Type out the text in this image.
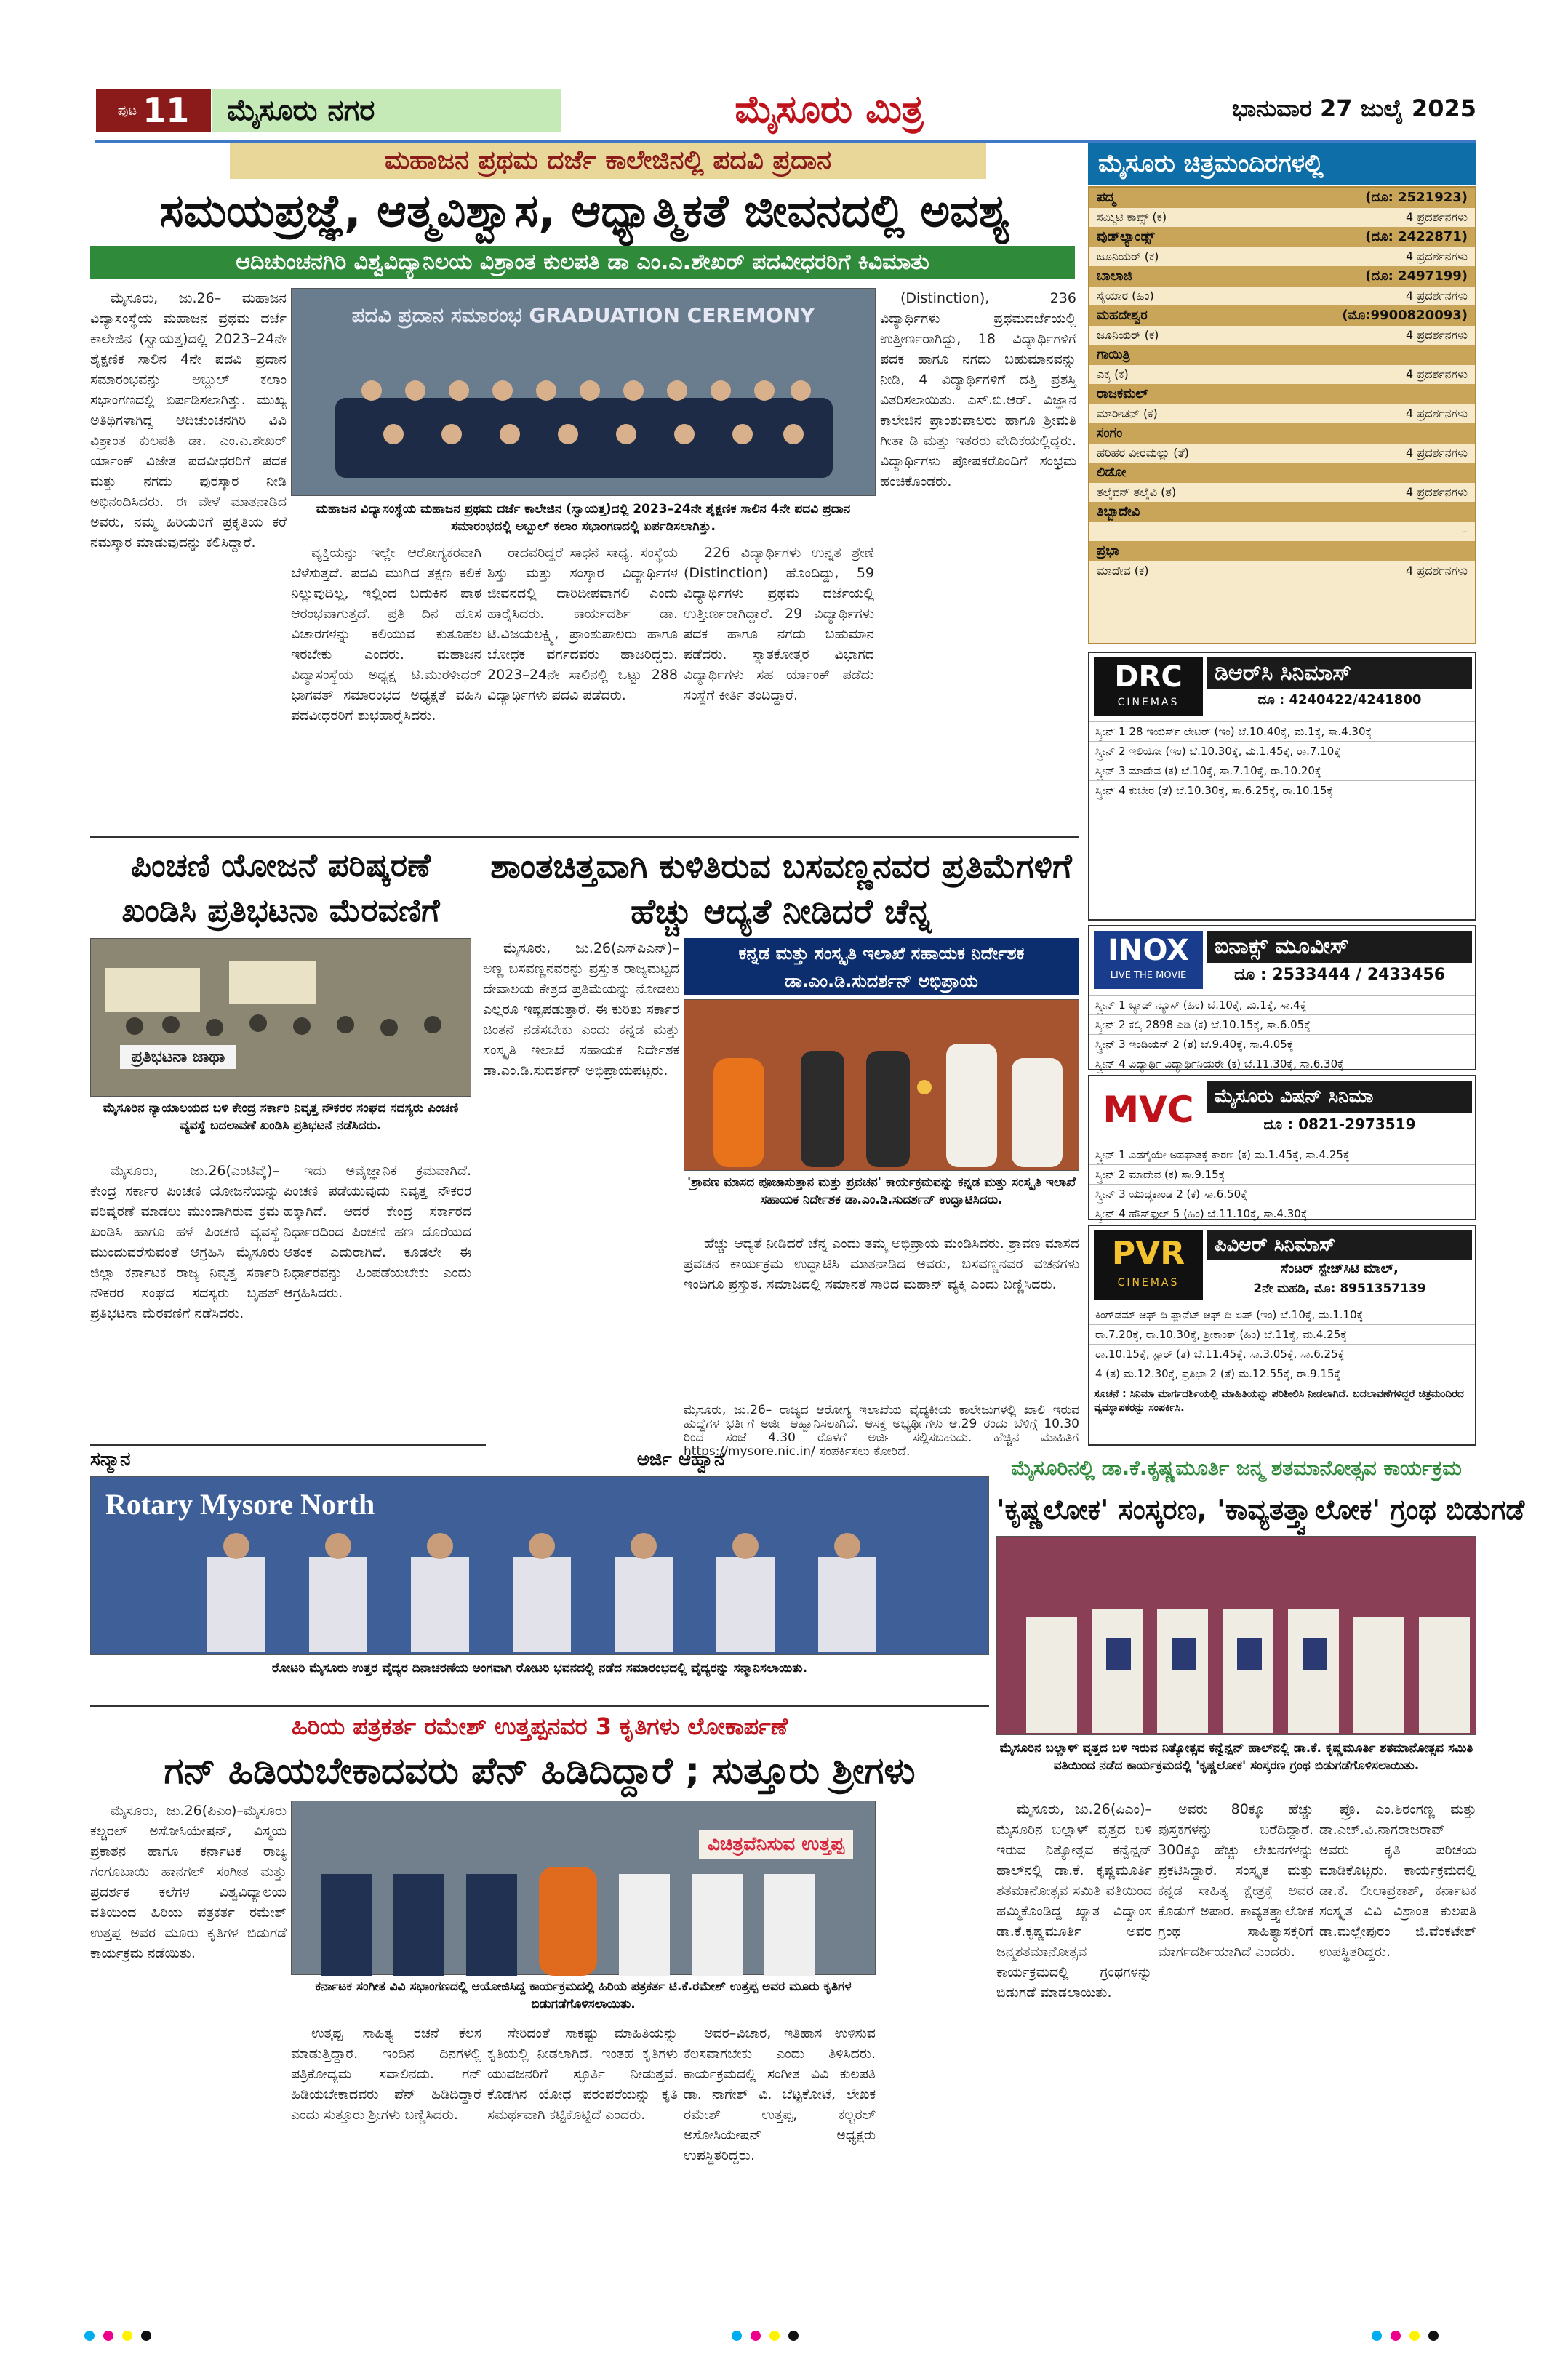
ಪುಟ 11 ಮೈಸೂರು ನಗರ	ಮೈಸೂರು ಮಿತ್ರ	ಭಾನುವಾರ 27 ಜುಲೈ 2025
ಮಹಾಜನ ಪ್ರಥಮ ದರ್ಜೆ ಕಾಲೇಜಿನಲ್ಲಿ ಪದವಿ ಪ್ರದಾನ
ಸಮಯಪ್ರಜ್ಞೆ, ಆತ್ಮವಿಶ್ವಾಸ, ಆಧ್ಯಾತ್ಮಿಕತೆ ಜೀವನದಲ್ಲಿ ಅವಶ್ಯ
ಆದಿಚುಂಚನಗಿರಿ ವಿಶ್ವವಿದ್ಯಾನಿಲಯ ವಿಶ್ರಾಂತ ಕುಲಪತಿ ಡಾ ಎಂ.ಎ.ಶೇಖರ್ ಪದವೀಧರರಿಗೆ ಕಿವಿಮಾತು

ಮೈಸೂರು, ಜು.26– ಮಹಾಜನ ವಿದ್ಯಾಸಂಸ್ಥೆಯ ಮಹಾಜನ ಪ್ರಥಮ ದರ್ಜೆ ಕಾಲೇಜಿನ (ಸ್ವಾಯತ್ತ)ದಲ್ಲಿ 2023–24ನೇ ಶೈಕ್ಷಣಿಕ ಸಾಲಿನ 4ನೇ ಪದವಿ ಪ್ರದಾನ ಸಮಾರಂಭವನ್ನು ಅಬ್ದುಲ್ ಕಲಾಂ ಸಭಾಂಗಣದಲ್ಲಿ ಏರ್ಪಡಿಸಲಾಗಿತ್ತು. ಮುಖ್ಯ ಅತಿಥಿಗಳಾಗಿದ್ದ ಆದಿಚುಂಚನಗಿರಿ ವಿವಿ ವಿಶ್ರಾಂತ ಕುಲಪತಿ ಡಾ. ಎಂ.ಎ.ಶೇಖರ್ ರ್ಯಾಂಕ್ ವಿಜೇತ ಪದವೀಧರರಿಗೆ ಪದಕ ಮತ್ತು ನಗದು ಪುರಸ್ಕಾರ ನೀಡಿ ಅಭಿನಂದಿಸಿದರು. ಈ ವೇಳೆ ಮಾತನಾಡಿದ ಅವರು, ನಮ್ಮ ಹಿರಿಯರಿಗೆ ಪ್ರಕೃತಿಯ ಕರೆ ನಮಸ್ಕಾರ ಮಾಡುವುದನ್ನು ಕಲಿಸಿದ್ದಾರೆ.

ಪದವಿ ಪ್ರದಾನ ಸಮಾರಂಭ GRADUATION CEREMONY
ಮಹಾಜನ ವಿದ್ಯಾಸಂಸ್ಥೆಯ ಮಹಾಜನ ಪ್ರಥಮ ದರ್ಜೆ ಕಾಲೇಜಿನ (ಸ್ವಾಯತ್ತ)ದಲ್ಲಿ 2023–24ನೇ ಶೈಕ್ಷಣಿಕ ಸಾಲಿನ 4ನೇ ಪದವಿ ಪ್ರದಾನ ಸಮಾರಂಭದಲ್ಲಿ ಅಬ್ಬುಲ್ ಕಲಾಂ ಸಭಾಂಗಣದಲ್ಲಿ ಏರ್ಪಡಿಸಲಾಗಿತ್ತು.

ವ್ಯಕ್ತಿಯನ್ನು ಇಲ್ಲೇ ಆರೋಗ್ಯಕರವಾಗಿ ಬೆಳೆಸುತ್ತದೆ. ಪದವಿ ಮುಗಿದ ತಕ್ಷಣ ಕಲಿಕೆ ನಿಲ್ಲುವುದಿಲ್ಲ, ಇಲ್ಲಿಂದ ಬದುಕಿನ ಪಾಠ ಆರಂಭವಾಗುತ್ತದೆ. ಪ್ರತಿ ದಿನ ಹೊಸ ವಿಚಾರಗಳನ್ನು ಕಲಿಯುವ ಕುತೂಹಲ ಇರಬೇಕು ಎಂದರು. ಮಹಾಜನ ವಿದ್ಯಾಸಂಸ್ಥೆಯ ಅಧ್ಯಕ್ಷ ಟಿ.ಮುರಳೀಧರ್ ಭಾಗವತ್ ಸಮಾರಂಭದ ಅಧ್ಯಕ್ಷತೆ ವಹಿಸಿ ಪದವೀಧರರಿಗೆ ಶುಭಹಾರೈಸಿದರು.

ರಾದವರಿದ್ದರೆ ಸಾಧನೆ ಸಾಧ್ಯ. ಸಂಸ್ಥೆಯ ಶಿಸ್ತು ಮತ್ತು ಸಂಸ್ಕಾರ ವಿದ್ಯಾರ್ಥಿಗಳ ಜೀವನದಲ್ಲಿ ದಾರಿದೀಪವಾಗಲಿ ಎಂದು ಹಾರೈಸಿದರು. ಕಾರ್ಯದರ್ಶಿ ಡಾ. ಟಿ.ವಿಜಯಲಕ್ಷ್ಮಿ, ಪ್ರಾಂಶುಪಾಲರು ಹಾಗೂ ಬೋಧಕ ವರ್ಗದವರು ಹಾಜರಿದ್ದರು. 2023–24ನೇ ಸಾಲಿನಲ್ಲಿ ಒಟ್ಟು 288 ವಿದ್ಯಾರ್ಥಿಗಳು ಪದವಿ ಪಡೆದರು.

226 ವಿದ್ಯಾರ್ಥಿಗಳು ಉನ್ನತ ಶ್ರೇಣಿ (Distinction) ಹೊಂದಿದ್ದು, 59 ವಿದ್ಯಾರ್ಥಿಗಳು ಪ್ರಥಮ ದರ್ಜೆಯಲ್ಲಿ ಉತ್ತೀರ್ಣರಾಗಿದ್ದಾರೆ. 29 ವಿದ್ಯಾರ್ಥಿಗಳು ಪದಕ ಹಾಗೂ ನಗದು ಬಹುಮಾನ ಪಡೆದರು. ಸ್ನಾತಕೋತ್ತರ ವಿಭಾಗದ ವಿದ್ಯಾರ್ಥಿಗಳು ಸಹ ರ್ಯಾಂಕ್ ಪಡೆದು ಸಂಸ್ಥೆಗೆ ಕೀರ್ತಿ ತಂದಿದ್ದಾರೆ.

(Distinction), 236 ವಿದ್ಯಾರ್ಥಿಗಳು ಪ್ರಥಮದರ್ಜೆಯಲ್ಲಿ ಉತ್ತೀರ್ಣರಾಗಿದ್ದು, 18 ವಿದ್ಯಾರ್ಥಿಗಳಿಗೆ ಪದಕ ಹಾಗೂ ನಗದು ಬಹುಮಾನವನ್ನು ನೀಡಿ, 4 ವಿದ್ಯಾರ್ಥಿಗಳಿಗೆ ದತ್ತಿ ಪ್ರಶಸ್ತಿ ವಿತರಿಸಲಾಯಿತು. ಎಸ್.ಬಿ.ಆರ್. ವಿಜ್ಞಾನ ಕಾಲೇಜಿನ ಪ್ರಾಂಶುಪಾಲರು ಹಾಗೂ ಶ್ರೀಮತಿ ಗೀತಾ ಡಿ ಮತ್ತು ಇತರರು ವೇದಿಕೆಯಲ್ಲಿದ್ದರು. ವಿದ್ಯಾರ್ಥಿಗಳು ಪೋಷಕರೊಂದಿಗೆ ಸಂಭ್ರಮ ಹಂಚಿಕೊಂಡರು.

ಮೈಸೂರು ಚಿತ್ರಮಂದಿರಗಳಲ್ಲಿ
ಪದ್ಮ	(ದೂ: 2521923)
ಸಮ್ಮಿಟಿ ಕಾಪ್ಸ್ (ಕ)	4 ಪ್ರದರ್ಶನಗಳು
ವುಡ್‌ಲ್ಯಾಂಡ್ಸ್	(ದೂ: 2422871)
ಜೂನಿಯರ್ (ಕ)	4 ಪ್ರದರ್ಶನಗಳು
ಬಾಲಾಜಿ	(ದೂ: 2497199)
ಸೈಯಾರ (ಹಿಂ)	4 ಪ್ರದರ್ಶನಗಳು
ಮಹದೇಶ್ವರ	(ಮೊ:9900820093)
ಜೂನಿಯರ್ (ಕ)	4 ಪ್ರದರ್ಶನಗಳು
ಗಾಯಿತ್ರಿ
ಎಕ್ಕ (ಕ)	4 ಪ್ರದರ್ಶನಗಳು
ರಾಜಕಮಲ್
ಮಾರೀಚನ್ (ಕ)	4 ಪ್ರದರ್ಶನಗಳು
ಸಂಗಂ
ಹರಿಹರ ವೀರಮಲ್ಲು (ತೆ)	4 ಪ್ರದರ್ಶನಗಳು
ಲಿಡೋ
ತಲೈವನ್ ತಲೈವಿ (ತ)	4 ಪ್ರದರ್ಶನಗಳು
ತಿಬ್ಬಾದೇವಿ
–
ಪ್ರಭಾ
ಮಾದೇವ (ಕ)	4 ಪ್ರದರ್ಶನಗಳು
DRC
CINEMAS
ಡಿಆರ್‌ಸಿ ಸಿನಿಮಾಸ್
ದೂ : 4240422/4241800
ಸ್ಕ್ರೀನ್ 1 28 ಇಯರ್ಸ್ ಲೇಟರ್ (ಇಂ) ಬೆ.10.40ಕ್ಕೆ, ಮ.1ಕ್ಕೆ, ಸಾ.4.30ಕ್ಕೆ
ಸ್ಕ್ರೀನ್ 2 ಇಲಿಯೋ (ಇಂ) ಬೆ.10.30ಕ್ಕೆ, ಮ.1.45ಕ್ಕೆ, ರಾ.7.10ಕ್ಕೆ
ಸ್ಕ್ರೀನ್ 3 ಮಾದೇವ (ಕ) ಬೆ.10ಕ್ಕೆ, ಸಾ.7.10ಕ್ಕೆ, ರಾ.10.20ಕ್ಕೆ
ಸ್ಕ್ರೀನ್ 4 ಕುಬೇರ (ತೆ) ಬೆ.10.30ಕ್ಕೆ, ಸಾ.6.25ಕ್ಕೆ, ರಾ.10.15ಕ್ಕೆ
INOX
LIVE THE MOVIE
ಐನಾಕ್ಸ್ ಮೂವೀಸ್
ದೂ : 2533444 / 2433456
ಸ್ಕ್ರೀನ್ 1 ಬ್ಯಾಡ್ ನ್ಯೂಸ್ (ಹಿಂ) ಬೆ.10ಕ್ಕೆ, ಮ.1ಕ್ಕೆ, ಸಾ.4ಕ್ಕೆ
ಸ್ಕ್ರೀನ್ 2 ಕಲ್ಕಿ 2898 ಎಡಿ (ಕ) ಬೆ.10.15ಕ್ಕೆ, ಸಾ.6.05ಕ್ಕೆ
ಸ್ಕ್ರೀನ್ 3 ಇಂಡಿಯನ್ 2 (ತ) ಬೆ.9.40ಕ್ಕೆ, ಸಾ.4.05ಕ್ಕೆ
ಸ್ಕ್ರೀನ್ 4 ವಿದ್ಯಾರ್ಥಿ ವಿದ್ಯಾರ್ಥಿನಿಯರೇ (ಕ) ಬೆ.11.30ಕ್ಕೆ, ಸಾ.6.30ಕ್ಕೆ
MVC	ಮೈಸೂರು ವಿಷನ್ ಸಿನಿಮಾ
ದೂ : 0821-2973519
ಸ್ಕ್ರೀನ್ 1 ಎಡಗೈಯೇ ಅಪಘಾತಕ್ಕೆ ಕಾರಣ (ಕ) ಮ.1.45ಕ್ಕೆ, ಸಾ.4.25ಕ್ಕೆ
ಸ್ಕ್ರೀನ್ 2 ಮಾದೇವ (ಕ) ಸಾ.9.15ಕ್ಕೆ
ಸ್ಕ್ರೀನ್ 3 ಯುದ್ಧಕಾಂಡ 2 (ಕ) ಸಾ.6.50ಕ್ಕೆ
ಸ್ಕ್ರೀನ್ 4 ಹೌಸ್‌ಫುಲ್ 5 (ಹಿಂ) ಬೆ.11.10ಕ್ಕೆ, ಸಾ.4.30ಕ್ಕೆ
PVR
CINEMAS
ಪಿವಿಆರ್ ಸಿನಿಮಾಸ್
ಸೆಂಟರ್ ಸ್ಟೇಜ್‌ಸಿಟಿ ಮಾಲ್,
2ನೇ ಮಹಡಿ, ಮೊ: 8951357139
ಕಿಂಗ್‌ಡಮ್ ಆಫ್ ದಿ ಪ್ಲಾನೆಟ್ ಆಫ್ ದಿ ಏಪ್ (ಇಂ) ಬೆ.10ಕ್ಕೆ, ಮ.1.10ಕ್ಕೆ
ರಾ.7.20ಕ್ಕೆ, ರಾ.10.30ಕ್ಕೆ, ಶ್ರೀಕಾಂತ್ (ಹಿಂ) ಬೆ.11ಕ್ಕೆ, ಮ.4.25ಕ್ಕೆ
ರಾ.10.15ಕ್ಕೆ, ಸ್ಟಾರ್ (ತ) ಬೆ.11.45ಕ್ಕೆ, ಸಾ.3.05ಕ್ಕೆ, ಸಾ.6.25ಕ್ಕೆ
4 (ತ) ಮ.12.30ಕ್ಕೆ, ಪ್ರತಿಭಾ 2 (ತೆ) ಮ.12.55ಕ್ಕೆ, ರಾ.9.15ಕ್ಕೆ
ಸೂಚನೆ : ಸಿನಿಮಾ ಮಾರ್ಗದರ್ಶಿಯಲ್ಲಿ ಮಾಹಿತಿಯನ್ನು ಪರಿಶೀಲಿಸಿ ನೀಡಲಾಗಿದೆ. ಬದಲಾವಣೆಗಳಿದ್ದರೆ ಚಿತ್ರಮಂದಿರದ ವ್ಯವಸ್ಥಾಪಕರನ್ನು ಸಂಪರ್ಕಿಸಿ.
ಪಿಂಚಣಿ ಯೋಜನೆ ಪರಿಷ್ಕರಣೆ ಖಂಡಿಸಿ ಪ್ರತಿಭಟನಾ ಮೆರವಣಿಗೆ
ಪ್ರತಿಭಟನಾ ಜಾಥಾ
ಮೈಸೂರಿನ ನ್ಯಾಯಾಲಯದ ಬಳಿ ಕೇಂದ್ರ ಸರ್ಕಾರಿ ನಿವೃತ್ತ ನೌಕರರ ಸಂಘದ ಸದಸ್ಯರು ಪಿಂಚಣಿ ವ್ಯವಸ್ಥೆ ಬದಲಾವಣೆ ಖಂಡಿಸಿ ಪ್ರತಿಭಟನೆ ನಡೆಸಿದರು.

ಮೈಸೂರು, ಜು.26(ಎಂಟಿವೈ)– ಕೇಂದ್ರ ಸರ್ಕಾರ ಪಿಂಚಣಿ ಯೋಜನೆಯನ್ನು ಪರಿಷ್ಕರಣೆ ಮಾಡಲು ಮುಂದಾಗಿರುವ ಕ್ರಮ ಖಂಡಿಸಿ ಹಾಗೂ ಹಳೆ ಪಿಂಚಣಿ ವ್ಯವಸ್ಥೆ ಮುಂದುವರೆಸುವಂತೆ ಆಗ್ರಹಿಸಿ ಮೈಸೂರು ಜಿಲ್ಲಾ ಕರ್ನಾಟಕ ರಾಜ್ಯ ನಿವೃತ್ತ ಸರ್ಕಾರಿ ನೌಕರರ ಸಂಘದ ಸದಸ್ಯರು ಬೃಹತ್ ಪ್ರತಿಭಟನಾ ಮೆರವಣಿಗೆ ನಡೆಸಿದರು.

ಇದು ಅವೈಜ್ಞಾನಿಕ ಕ್ರಮವಾಗಿದೆ. ಪಿಂಚಣಿ ಪಡೆಯುವುದು ನಿವೃತ್ತ ನೌಕರರ ಹಕ್ಕಾಗಿದೆ. ಆದರೆ ಕೇಂದ್ರ ಸರ್ಕಾರದ ನಿರ್ಧಾರದಿಂದ ಪಿಂಚಣಿ ಹಣ ದೊರೆಯದ ಆತಂಕ ಎದುರಾಗಿದೆ. ಕೂಡಲೇ ಈ ನಿರ್ಧಾರವನ್ನು ಹಿಂಪಡೆಯಬೇಕು ಎಂದು ಆಗ್ರಹಿಸಿದರು.

ಶಾಂತಚಿತ್ತವಾಗಿ ಕುಳಿತಿರುವ ಬಸವಣ್ಣನವರ ಪ್ರತಿಮೆಗಳಿಗೆ ಹೆಚ್ಚು ಆದ್ಯತೆ ನೀಡಿದರೆ ಚೆನ್ನ

ಮೈಸೂರು, ಜು.26(ಎಸ್‌ಪಿಎನ್)– ಅಣ್ಣ ಬಸವಣ್ಣನವರನ್ನು ಪ್ರಸ್ತುತ ರಾಜ್ಯಮಟ್ಟದ ದೇವಾಲಯ ಕೇತ್ರದ ಪ್ರತಿಮೆಯನ್ನು ನೋಡಲು ಎಲ್ಲರೂ ಇಷ್ಟಪಡುತ್ತಾರೆ. ಈ ಕುರಿತು ಸರ್ಕಾರ ಚಿಂತನೆ ನಡೆಸಬೇಕು ಎಂದು ಕನ್ನಡ ಮತ್ತು ಸಂಸ್ಕೃತಿ ಇಲಾಖೆ ಸಹಾಯಕ ನಿರ್ದೇಶಕ ಡಾ.ಎಂ.ಡಿ.ಸುದರ್ಶನ್ ಅಭಿಪ್ರಾಯಪಟ್ಟರು.

ಕನ್ನಡ ಮತ್ತು ಸಂಸ್ಕೃತಿ ಇಲಾಖೆ ಸಹಾಯಕ ನಿರ್ದೇಶಕ ಡಾ.ಎಂ.ಡಿ.ಸುದರ್ಶನ್ ಅಭಿಪ್ರಾಯ
'ಶ್ರಾವಣ ಮಾಸದ ಪೂಜಾಸುತ್ತಾನ ಮತ್ತು ಪ್ರವಚನ' ಕಾರ್ಯಕ್ರಮವನ್ನು ಕನ್ನಡ ಮತ್ತು ಸಂಸ್ಕೃತಿ ಇಲಾಖೆ ಸಹಾಯಕ ನಿರ್ದೇಶಕ ಡಾ.ಎಂ.ಡಿ.ಸುದರ್ಶನ್ ಉದ್ಘಾಟಿಸಿದರು.

ಹೆಚ್ಚು ಆದ್ಯತೆ ನೀಡಿದರೆ ಚೆನ್ನ ಎಂದು ತಮ್ಮ ಅಭಿಪ್ರಾಯ ಮಂಡಿಸಿದರು. ಶ್ರಾವಣ ಮಾಸದ ಪ್ರವಚನ ಕಾರ್ಯಕ್ರಮ ಉದ್ಘಾಟಿಸಿ ಮಾತನಾಡಿದ ಅವರು, ಬಸವಣ್ಣನವರ ವಚನಗಳು ಇಂದಿಗೂ ಪ್ರಸ್ತುತ. ಸಮಾಜದಲ್ಲಿ ಸಮಾನತೆ ಸಾರಿದ ಮಹಾನ್ ವ್ಯಕ್ತಿ ಎಂದು ಬಣ್ಣಿಸಿದರು.

ಸನ್ಮಾನ
Rotary Mysore North
ರೋಟರಿ ಮೈಸೂರು ಉತ್ತರ ವೈದ್ಯರ ದಿನಾಚರಣೆಯ ಅಂಗವಾಗಿ ರೋಟರಿ ಭವನದಲ್ಲಿ ನಡೆದ ಸಮಾರಂಭದಲ್ಲಿ ವೈದ್ಯರನ್ನು ಸನ್ಮಾನಿಸಲಾಯಿತು.
ಅರ್ಜಿ ಆಹ್ವಾನ	ಮೈಸೂರಿನಲ್ಲಿ ಡಾ.ಕೆ.ಕೃಷ್ಣಮೂರ್ತಿ ಜನ್ಮ ಶತಮಾನೋತ್ಸವ ಕಾರ್ಯಕ್ರಮ
'ಕೃಷ್ಣಲೋಕ' ಸಂಸ್ಕರಣ, 'ಕಾವ್ಯತತ್ತ್ವಾಲೋಕ' ಗ್ರಂಥ ಬಿಡುಗಡೆ
ಮೈಸೂರಿನ ಬಲ್ಲಾಳ್ ವೃತ್ತದ ಬಳಿ ಇರುವ ನಿತ್ಯೋತ್ಸವ ಕನ್ವೆನ್ಷನ್ ಹಾಲ್‌ನಲ್ಲಿ ಡಾ.ಕೆ. ಕೃಷ್ಣಮೂರ್ತಿ ಶತಮಾನೋತ್ಸವ ಸಮಿತಿ ವತಿಯಿಂದ ನಡೆದ ಕಾರ್ಯಕ್ರಮದಲ್ಲಿ 'ಕೃಷ್ಣಲೋಕ' ಸಂಸ್ಕರಣ ಗ್ರಂಥ ಬಿಡುಗಡೆಗೊಳಿಸಲಾಯಿತು.
ಹಿರಿಯ ಪತ್ರಕರ್ತ ರಮೇಶ್ ಉತ್ತಪ್ಪನವರ 3 ಕೃತಿಗಳು ಲೋಕಾರ್ಪಣೆ
ಗನ್ ಹಿಡಿಯಬೇಕಾದವರು ಪೆನ್ ಹಿಡಿದಿದ್ದಾರೆ ; ಸುತ್ತೂರು ಶ್ರೀಗಳು

ಮೈಸೂರು, ಜು.26(ಪಿಎಂ)–ಮೈಸೂರು ಕಲ್ಚರಲ್ ಅಸೋಸಿಯೇಷನ್, ವಿಸ್ಮಯ ಪ್ರಕಾಶನ ಹಾಗೂ ಕರ್ನಾಟಕ ರಾಜ್ಯ ಗಂಗೂಬಾಯಿ ಹಾನಗಲ್ ಸಂಗೀತ ಮತ್ತು ಪ್ರದರ್ಶಕ ಕಲೆಗಳ ವಿಶ್ವವಿದ್ಯಾಲಯ ವತಿಯಿಂದ ಹಿರಿಯ ಪತ್ರಕರ್ತ ರಮೇಶ್ ಉತ್ತಪ್ಪ ಅವರ ಮೂರು ಕೃತಿಗಳ ಬಿಡುಗಡೆ ಕಾರ್ಯಕ್ರಮ ನಡೆಯಿತು.

ವಿಚಿತ್ರವೆನಿಸುವ ಉತ್ತಪ್ಪ
ಕರ್ನಾಟಕ ಸಂಗೀತ ವಿವಿ ಸಭಾಂಗಣದಲ್ಲಿ ಆಯೋಜಿಸಿದ್ದ ಕಾರ್ಯಕ್ರಮದಲ್ಲಿ ಹಿರಿಯ ಪತ್ರಕರ್ತ ಟಿ.ಕೆ.ರಮೇಶ್ ಉತ್ತಪ್ಪ ಅವರ ಮೂರು ಕೃತಿಗಳ ಬಿಡುಗಡೆಗೊಳಿಸಲಾಯಿತು.

ಉತ್ತಪ್ಪ ಸಾಹಿತ್ಯ ರಚನೆ ಕೆಲಸ ಮಾಡುತ್ತಿದ್ದಾರೆ. ಇಂದಿನ ದಿನಗಳಲ್ಲಿ ಪತ್ರಿಕೋದ್ಯಮ ಸವಾಲಿನದು. ಗನ್ ಹಿಡಿಯಬೇಕಾದವರು ಪೆನ್ ಹಿಡಿದಿದ್ದಾರೆ ಎಂದು ಸುತ್ತೂರು ಶ್ರೀಗಳು ಬಣ್ಣಿಸಿದರು.

ಸೇರಿದಂತೆ ಸಾಕಷ್ಟು ಮಾಹಿತಿಯನ್ನು ಕೃತಿಯಲ್ಲಿ ನೀಡಲಾಗಿದೆ. ಇಂತಹ ಕೃತಿಗಳು ಯುವಜನರಿಗೆ ಸ್ಫೂರ್ತಿ ನೀಡುತ್ತವೆ. ಕೊಡಗಿನ ಯೋಧ ಪರಂಪರೆಯನ್ನು ಕೃತಿ ಸಮರ್ಥವಾಗಿ ಕಟ್ಟಿಕೊಟ್ಟಿದೆ ಎಂದರು.

ಅವರ–ವಿಚಾರ, ಇತಿಹಾಸ ಉಳಿಸುವ ಕೆಲಸವಾಗಬೇಕು ಎಂದು ತಿಳಿಸಿದರು. ಕಾರ್ಯಕ್ರಮದಲ್ಲಿ ಸಂಗೀತ ವಿವಿ ಕುಲಪತಿ ಡಾ. ನಾಗೇಶ್ ವಿ. ಬೆಟ್ಟಕೋಟೆ, ಲೇಖಕ ರಮೇಶ್ ಉತ್ತಪ್ಪ, ಕಲ್ಚರಲ್ ಅಸೋಸಿಯೇಷನ್ ಅಧ್ಯಕ್ಷರು ಉಪಸ್ಥಿತರಿದ್ದರು.

ಮೈಸೂರು, ಜು.26(ಪಿಎಂ)–ಮೈಸೂರಿನ ಬಲ್ಲಾಳ್ ವೃತ್ತದ ಬಳಿ ಇರುವ ನಿತ್ಯೋತ್ಸವ ಕನ್ವೆನ್ಷನ್ ಹಾಲ್‌ನಲ್ಲಿ ಡಾ.ಕೆ. ಕೃಷ್ಣಮೂರ್ತಿ ಶತಮಾನೋತ್ಸವ ಸಮಿತಿ ವತಿಯಿಂದ ಹಮ್ಮಿಕೊಂಡಿದ್ದ ಖ್ಯಾತ ವಿದ್ವಾಂಸ ಡಾ.ಕೆ.ಕೃಷ್ಣಮೂರ್ತಿ ಅವರ ಜನ್ಮಶತಮಾನೋತ್ಸವ ಕಾರ್ಯಕ್ರಮದಲ್ಲಿ ಗ್ರಂಥಗಳನ್ನು ಬಿಡುಗಡೆ ಮಾಡಲಾಯಿತು.

ಅವರು 80ಕ್ಕೂ ಹೆಚ್ಚು ಪುಸ್ತಕಗಳನ್ನು ಬರೆದಿದ್ದಾರೆ. 300ಕ್ಕೂ ಹೆಚ್ಚು ಲೇಖನಗಳನ್ನು ಪ್ರಕಟಿಸಿದ್ದಾರೆ. ಸಂಸ್ಕೃತ ಮತ್ತು ಕನ್ನಡ ಸಾಹಿತ್ಯ ಕ್ಷೇತ್ರಕ್ಕೆ ಅವರ ಕೊಡುಗೆ ಅಪಾರ. ಕಾವ್ಯತತ್ತ್ವಾಲೋಕ ಗ್ರಂಥ ಸಾಹಿತ್ಯಾಸಕ್ತರಿಗೆ ಮಾರ್ಗದರ್ಶಿಯಾಗಿದೆ ಎಂದರು.

ಪ್ರೊ. ಎಂ.ಶಿರಂಗಣ್ಣ ಮತ್ತು ಡಾ.ಎಚ್.ವಿ.ನಾಗರಾಜರಾವ್ ಅವರು ಕೃತಿ ಪರಿಚಯ ಮಾಡಿಕೊಟ್ಟರು. ಕಾರ್ಯಕ್ರಮದಲ್ಲಿ ಡಾ.ಕೆ. ಲೀಲಾಪ್ರಕಾಶ್, ಕರ್ನಾಟಕ ಸಂಸ್ಕೃತ ವಿವಿ ವಿಶ್ರಾಂತ ಕುಲಪತಿ ಡಾ.ಮಲ್ಲೇಪುರಂ ಜಿ.ವೆಂಕಟೇಶ್ ಉಪಸ್ಥಿತರಿದ್ದರು.

ಮೈಸೂರು, ಜು.26– ರಾಜ್ಯದ ಆರೋಗ್ಯ ಇಲಾಖೆಯ ವೈದ್ಯಕೀಯ ಕಾಲೇಜುಗಳಲ್ಲಿ ಖಾಲಿ ಇರುವ ಹುದ್ದೆಗಳ ಭರ್ತಿಗೆ ಅರ್ಜಿ ಆಹ್ವಾನಿಸಲಾಗಿದೆ. ಆಸಕ್ತ ಅಭ್ಯರ್ಥಿಗಳು ಆ.29 ರಂದು ಬೆಳಿಗ್ಗೆ 10.30 ರಿಂದ ಸಂಜೆ 4.30 ರೊಳಗೆ ಅರ್ಜಿ ಸಲ್ಲಿಸಬಹುದು. ಹೆಚ್ಚಿನ ಮಾಹಿತಿಗೆ https://mysore.nic.in/ ಸಂಪರ್ಕಿಸಲು ಕೋರಿದೆ.
